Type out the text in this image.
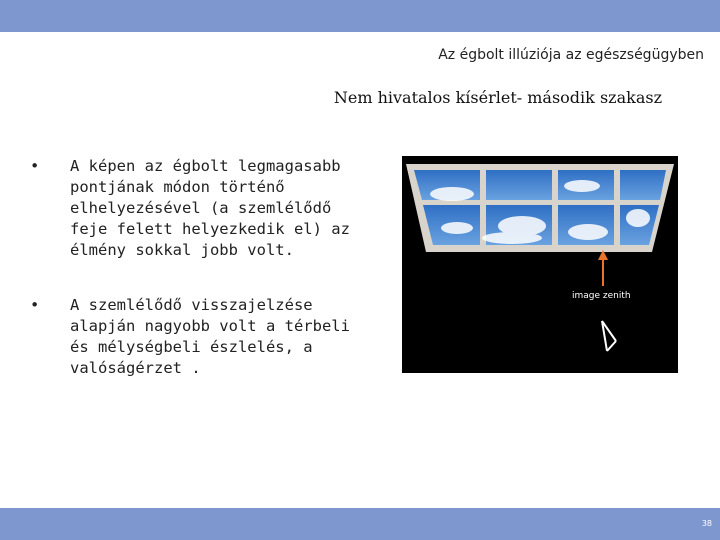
Az égbolt illúziója az egészségügyben
Nem hivatalos kísérlet- második szakasz
• A képen az égbolt legmagasabb pontjának módon történő elhelyezésével (a szemlélődő feje felett helyezkedik el) az élmény sokkal jobb volt.
• A szemlélődő visszajelzése alapján nagyobb volt a térbeli és mélységbeli észlelés, a valóságérzet .
image zenith
38
